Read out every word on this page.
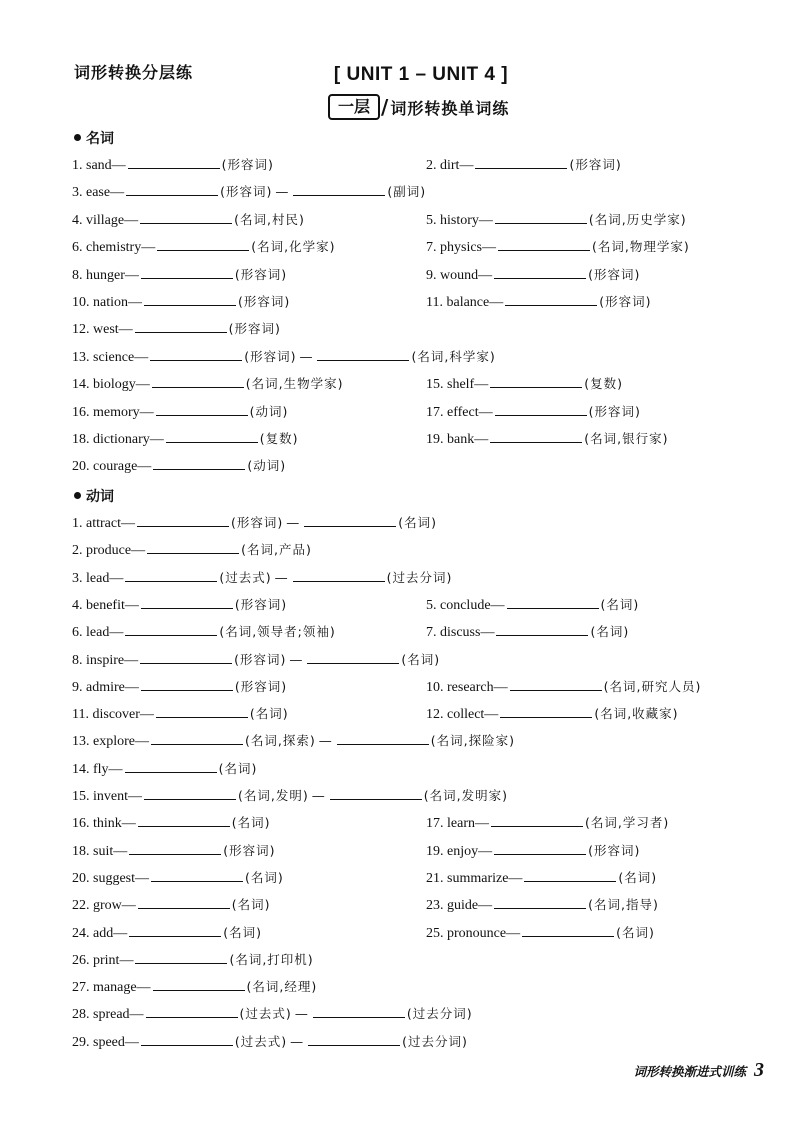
词形转换分层练	[ UNIT 1 – UNIT 4 ]
一层 / 词形转换单词练
名词
1. sand—	(形容词)	2. dirt—	(形容词)
3. ease—	(形容词) —	(副词)
4. village—	(名词,村民)	5. history—	(名词,历史学家)
6. chemistry—	(名词,化学家)	7. physics—	(名词,物理学家)
8. hunger—	(形容词)	9. wound—	(形容词)
10. nation—	(形容词)	11. balance—	(形容词)
12. west—	(形容词)
13. science—	(形容词) —	(名词,科学家)
14. biology—	(名词,生物学家)	15. shelf—	(复数)
16. memory—	(动词)	17. effect—	(形容词)
18. dictionary—	(复数)	19. bank—	(名词,银行家)
20. courage—	(动词)
动词
1. attract—	(形容词) —	(名词)
2. produce—	(名词,产品)
3. lead—	(过去式) —	(过去分词)
4. benefit—	(形容词)	5. conclude—	(名词)
6. lead—	(名词,领导者;领袖)	7. discuss—	(名词)
8. inspire—	(形容词) —	(名词)
9. admire—	(形容词)	10. research—	(名词,研究人员)
11. discover—	(名词)	12. collect—	(名词,收藏家)
13. explore—	(名词,探索) —	(名词,探险家)
14. fly—	(名词)
15. invent—	(名词,发明) —	(名词,发明家)
16. think—	(名词)	17. learn—	(名词,学习者)
18. suit—	(形容词)	19. enjoy—	(形容词)
20. suggest—	(名词)	21. summarize—	(名词)
22. grow—	(名词)	23. guide—	(名词,指导)
24. add—	(名词)	25. pronounce—	(名词)
26. print—	(名词,打印机)
27. manage—	(名词,经理)
28. spread—	(过去式) —	(过去分词)
29. speed—	(过去式) —	(过去分词)
词形转换渐进式训练 3
